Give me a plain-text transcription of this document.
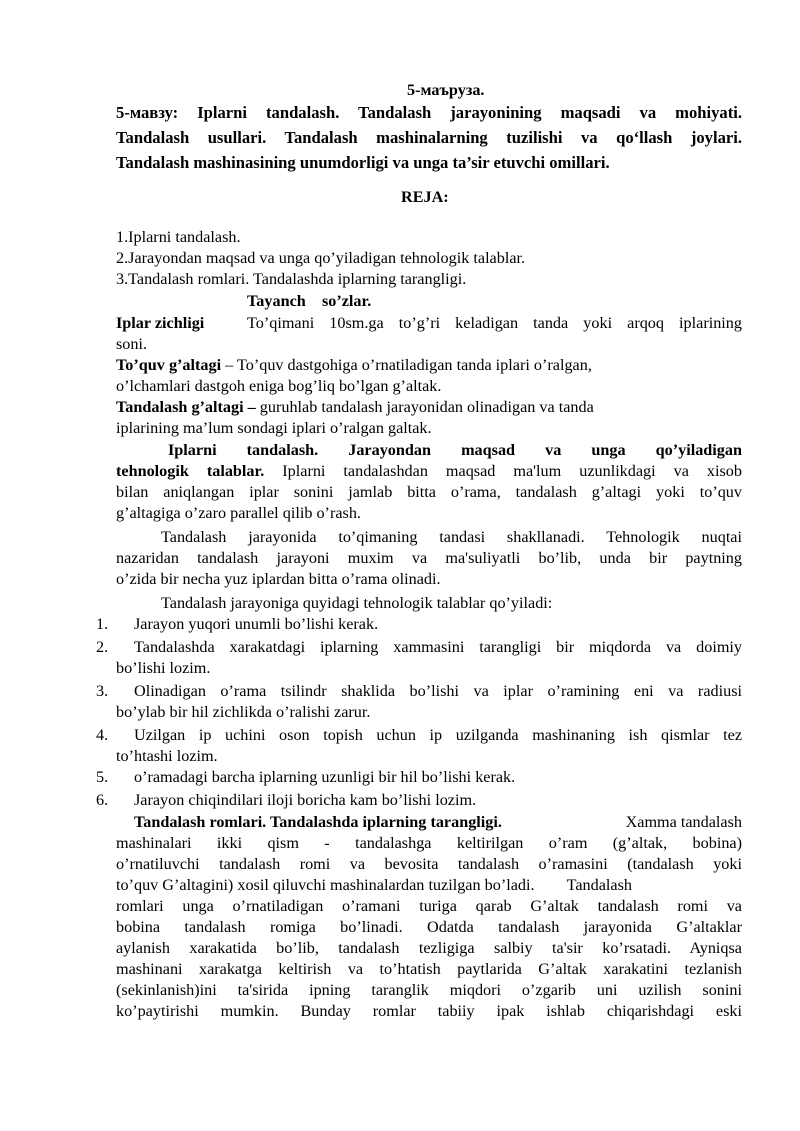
5-маъруза.
5-мавзу: Iplarni tandalash. Tandalash jarayonining maqsadi va mohiyati.
Tandalash usullari. Tandalash mashinalarning tuzilishi va qo‘llash joylari.
Tandalash mashinasining unumdorligi va unga ta’sir etuvchi omillari.
REJA:
1.Iplarni tandalash.
2.Jarayondan maqsad va unga qo’yiladigan tehnologik talablar.
3.Tandalash romlari. Tandalashda iplarning tarangligi.
Tayanch    so’zlar.
Iplar zichligi	To’qimani 10sm.ga to’g’ri keladigan tanda yoki arqoq iplarining
soni.
To’quv g’altagi – To’quv dastgohiga o’rnatiladigan tanda iplari o’ralgan,
o’lchamlari dastgoh eniga bog’liq bo’lgan g’altak.
Tandalash g’altagi – guruhlab tandalash jarayonidan olinadigan va tanda
iplarining ma’lum sondagi iplari o’ralgan galtak.
Iplarni tandalash. Jarayondan maqsad va unga qo’yiladigan
tehnologik talablar. Iplarni tandalashdan maqsad ma'lum uzunlikdagi va xisob
bilan aniqlangan iplar sonini jamlab bitta o’rama, tandalash g’altagi yoki to’quv
g’altagiga o’zaro parallel qilib o’rash.
Tandalash jarayonida to’qimaning tandasi shakllanadi. Tehnologik nuqtai
nazaridan tandalash jarayoni muxim va ma'suliyatli bo’lib, unda bir paytning
o’zida bir necha yuz iplardan bitta o’rama olinadi.
Tandalash jarayoniga quyidagi tehnologik talablar qo’yiladi:
1. Jarayon yuqori unumli bo’lishi kerak.
2. Tandalashda xarakatdagi iplarning xammasini tarangligi bir miqdorda va doimiy
bo’lishi lozim.
3. Olinadigan o’rama tsilindr shaklida bo’lishi va iplar o’ramining eni va radiusi
bo’ylab bir hil zichlikda o’ralishi zarur.
4. Uzilgan ip uchini oson topish uchun ip uzilganda mashinaning ish qismlar tez
to’htashi lozim.
5. o’ramadagi barcha iplarning uzunligi bir hil bo’lishi kerak.
6. Jarayon chiqindilari iloji boricha kam bo’lishi lozim.
Tandalash romlari. Tandalashda iplarning tarangligi.	Xamma tandalash
mashinalari ikki qism - tandalashga keltirilgan o’ram (g’altak, bobina)
o’rnatiluvchi tandalash romi va bevosita tandalash o’ramasini (tandalash yoki
to’quv G’altagini) xosil qiluvchi mashinalardan tuzilgan bo’ladi.        Tandalash
romlari unga o’rnatiladigan o’ramani turiga qarab G’altak tandalash romi va
bobina tandalash romiga bo’linadi. Odatda tandalash jarayonida G’altaklar
aylanish xarakatida bo’lib, tandalash tezligiga salbiy ta'sir ko’rsatadi. Ayniqsa
mashinani xarakatga keltirish va to’htatish paytlarida G’altak xarakatini tezlanish
(sekinlanish)ini ta'sirida ipning taranglik miqdori o’zgarib uni uzilish sonini
ko’paytirishi mumkin. Bunday romlar tabiiy ipak ishlab chiqarishdagi eski
